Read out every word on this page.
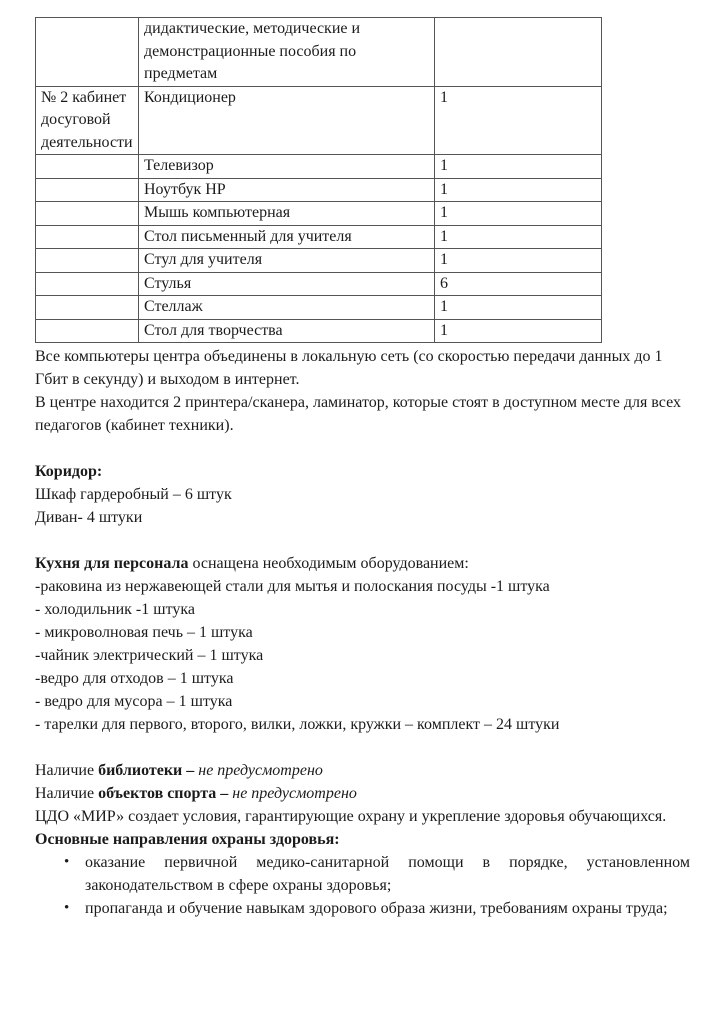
	дидактические, методические и демонстрационные пособия по предметам	
№ 2 кабинет досуговой деятельности	Кондиционер	1
	Телевизор	1
	Ноутбук HP	1
	Мышь компьютерная	1
	Стол письменный для учителя	1
	Стул для учителя	1
	Стулья	6
	Стеллаж	1
	Стол для творчества	1
Все компьютеры центра объединены в локальную сеть (со скоростью передачи данных до 1 Гбит в секунду) и выходом в интернет.
В центре находится 2 принтера/сканера, ламинатор, которые стоят в доступном месте для всех педагогов (кабинет техники).
Коридор:
Шкаф гардеробный – 6 штук
Диван- 4 штуки
Кухня для персонала оснащена необходимым оборудованием:
-раковина из нержавеющей стали для мытья и полоскания посуды -1 штука
- холодильник -1 штука
- микроволновая печь – 1 штука
-чайник электрический – 1 штука
-ведро для отходов – 1 штука
- ведро для мусора – 1 штука
- тарелки для первого, второго, вилки, ложки, кружки – комплект – 24 штуки
Наличие библиотеки – не предусмотрено
Наличие объектов спорта – не предусмотрено
ЦДО «МИР» создает условия, гарантирующие охрану и укрепление здоровья обучающихся.
Основные направления охраны здоровья:
• оказание первичной медико-санитарной помощи в порядке, установленном законодательством в сфере охраны здоровья;
• пропаганда и обучение навыкам здорового образа жизни, требованиям охраны труда;
